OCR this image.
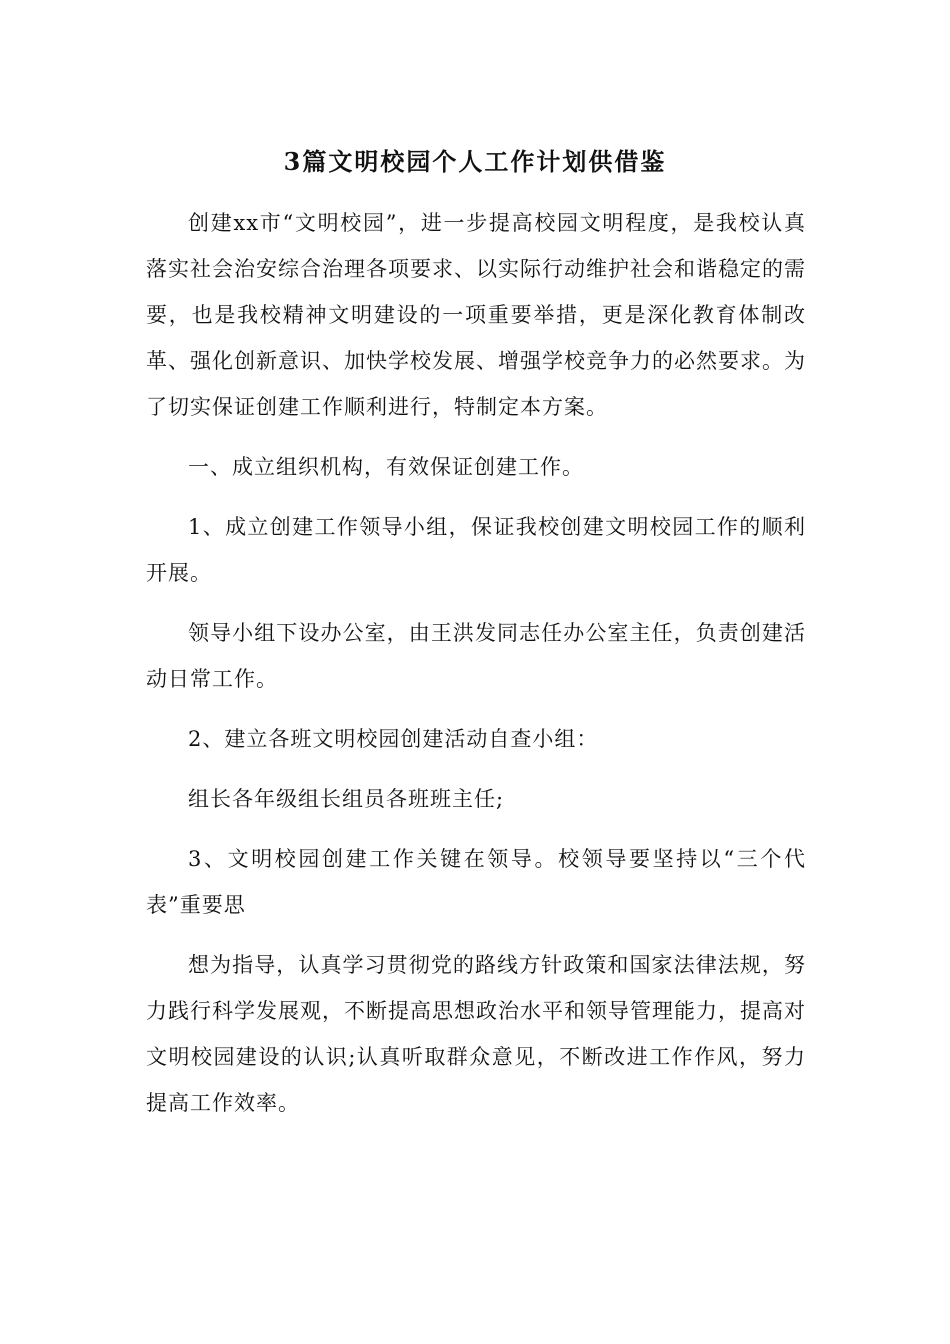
3篇文明校园个人工作计划供借鉴

创建xx市“文明校园”，进一步提高校园文明程度，是我校认真落实社会治安综合治理各项要求、以实际行动维护社会和谐稳定的需要，也是我校精神文明建设的一项重要举措，更是深化教育体制改革、强化创新意识、加快学校发展、增强学校竞争力的必然要求。为了切实保证创建工作顺利进行，特制定本方案。

一、成立组织机构，有效保证创建工作。

1、成立创建工作领导小组，保证我校创建文明校园工作的顺利开展。

领导小组下设办公室，由王洪发同志任办公室主任，负责创建活动日常工作。

2、建立各班文明校园创建活动自查小组：

组长各年级组长组员各班班主任;

3、文明校园创建工作关键在领导。校领导要坚持以“三个代表”重要思

想为指导，认真学习贯彻党的路线方针政策和国家法律法规，努力践行科学发展观，不断提高思想政治水平和领导管理能力，提高对文明校园建设的认识;认真听取群众意见，不断改进工作作风，努力提高工作效率。
